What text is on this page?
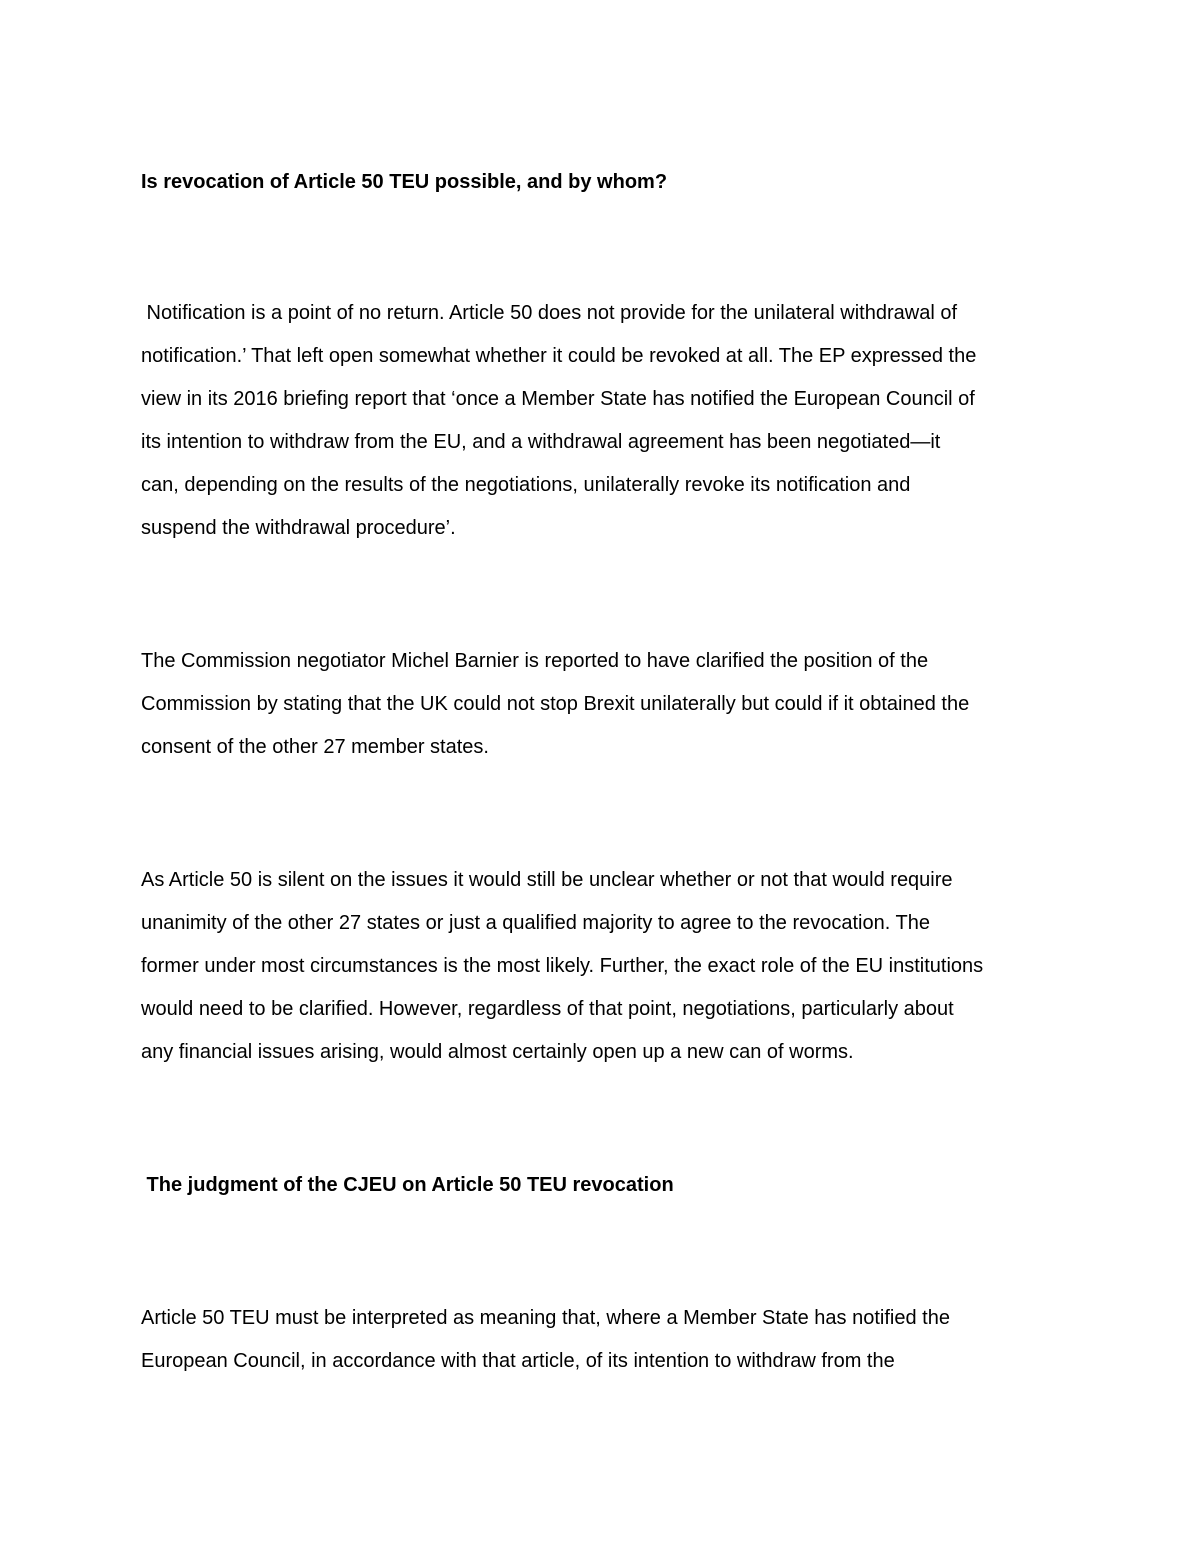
Is revocation of Article 50 TEU possible, and by whom?

Notification is a point of no return. Article 50 does not provide for the unilateral withdrawal of

notification.’ That left open somewhat whether it could be revoked at all. The EP expressed the

view in its 2016 briefing report that ‘once a Member State has notified the European Council of

its intention to withdraw from the EU, and a withdrawal agreement has been negotiated—it

can, depending on the results of the negotiations, unilaterally revoke its notification and

suspend the withdrawal procedure’.

The Commission negotiator Michel Barnier is reported to have clarified the position of the

Commission by stating that the UK could not stop Brexit unilaterally but could if it obtained the

consent of the other 27 member states.

As Article 50 is silent on the issues it would still be unclear whether or not that would require

unanimity of the other 27 states or just a qualified majority to agree to the revocation. The

former under most circumstances is the most likely. Further, the exact role of the EU institutions

would need to be clarified. However, regardless of that point, negotiations, particularly about

any financial issues arising, would almost certainly open up a new can of worms.

The judgment of the CJEU on Article 50 TEU revocation

Article 50 TEU must be interpreted as meaning that, where a Member State has notified the

European Council, in accordance with that article, of its intention to withdraw from the
